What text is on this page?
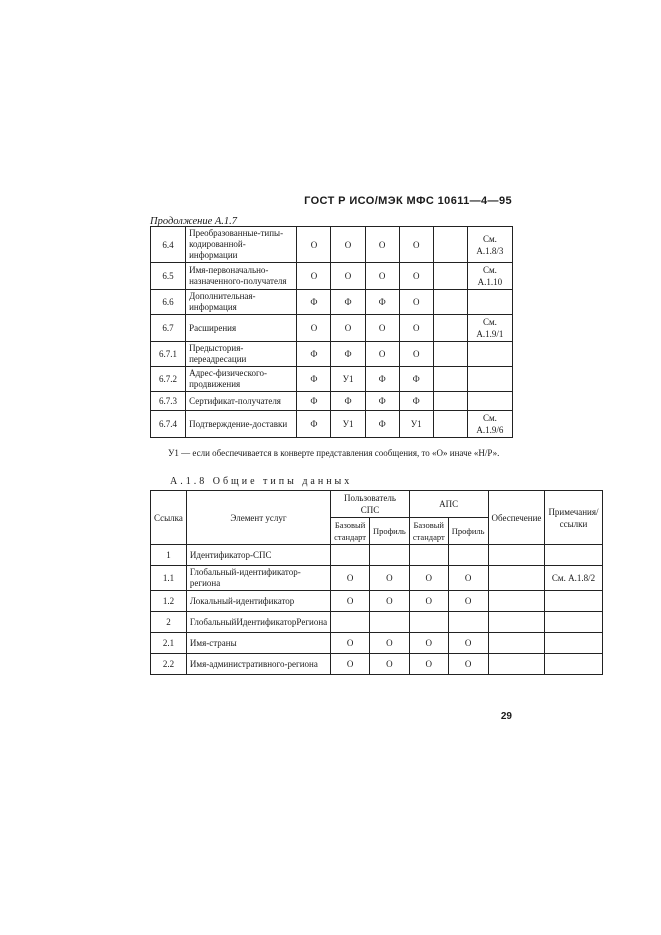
ГОСТ Р ИСО/МЭК МФС 10611—4—95
Продолжение А.1.7
6.4	Преобразованные-типы-кодированной-информации	О	О	О	О		См. А.1.8/3
6.5	Имя-первоначально-назначенного-получателя	О	О	О	О		См. А.1.10
6.6	Дополнительная-информация	Ф	Ф	Ф	О		
6.7	Расширения	О	О	О	О		См. А.1.9/1
6.7.1	Предыстория-переадресации	Ф	Ф	О	О		
6.7.2	Адрес-физического-продвижения	Ф	У1	Ф	Ф		
6.7.3	Сертификат-получателя	Ф	Ф	Ф	Ф		
6.7.4	Подтверждение-доставки	Ф	У1	Ф	У1		См. А.1.9/6
У1 — если обеспечивается в конверте представления сообщения, то «О» иначе «Н/Р».
А.1.8 Общие типы данных
Ссылка	Элемент услуг	Пользователь СПС		АПС		Обеспечение	Примечания/ссылки
		Базовый стандарт	Профиль	Базовый стандарт	Профиль		
1	Идентификатор-СПС						
1.1	Глобальный-идентификатор-региона	О	О	О	О		См. А.1.8/2
1.2	Локальный-идентификатор	О	О	О	О		
2	ГлобальныйИдентификаторРегиона						
2.1	Имя-страны	О	О	О	О		
2.2	Имя-административного-региона	О	О	О	О		
29
